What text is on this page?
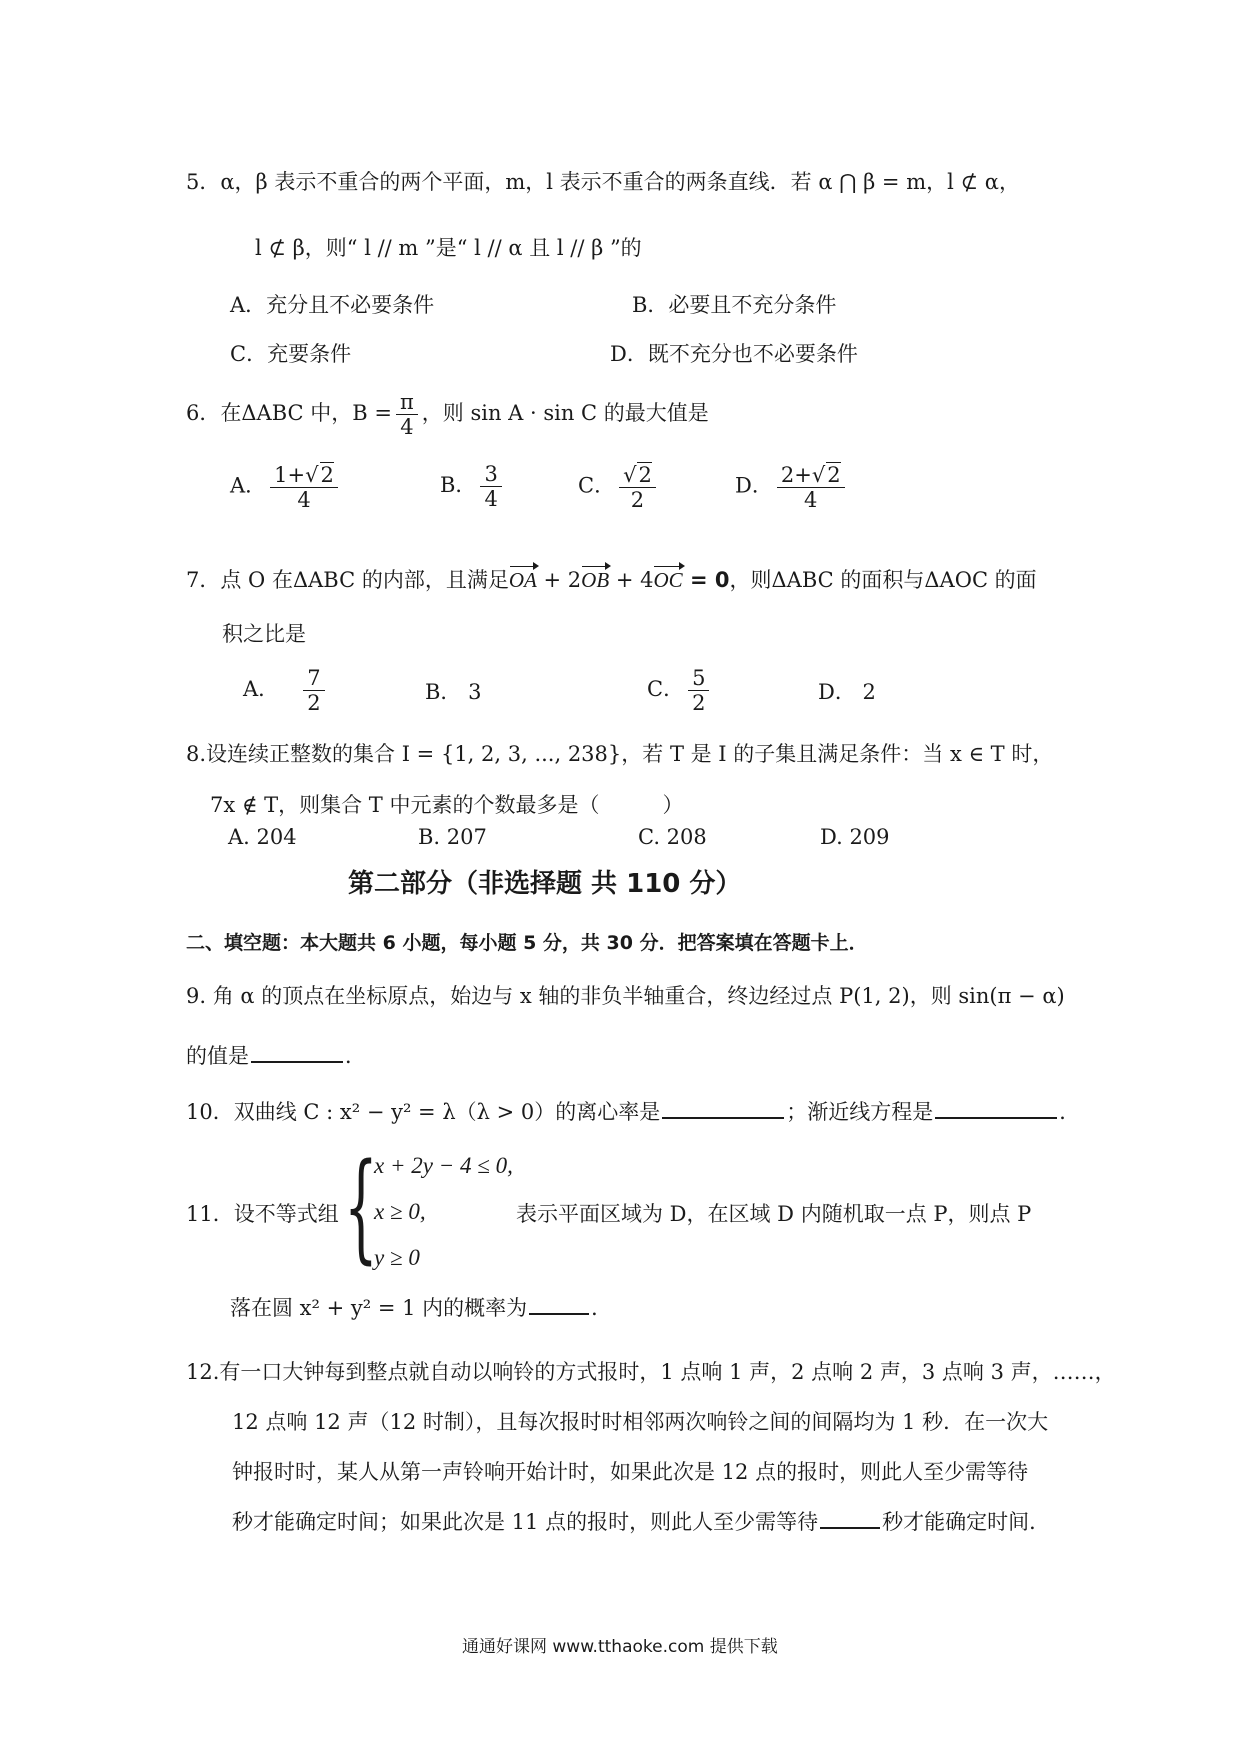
5．α，β 表示不重合的两个平面，m，l 表示不重合的两条直线．若 α ⋂ β = m，l ⊄ α，
l ⊄ β，则“ l // m ”是“ l // α 且 l // β ”的
A．充分且不必要条件	B．必要且不充分条件
C．充要条件	D．既不充分也不必要条件
6．在ΔABC 中，$B = \frac{\pi}{4}$ ，则 sin A · sin C 的最大值是
A． $\frac{1+√2}{4}$	B． $\frac{3}{4}$	C． $\frac{√2}{2}$	D． $\frac{2+√2}{4}$
7．点 O 在ΔABC 的内部，且满足OA + 2OB + 4OC = 0，则ΔABC 的面积与ΔAOC 的面
积之比是
A． $\frac{7}{2}$	B． 3	C． $\frac{5}{2}$	D． 2
8.设连续正整数的集合 I = {1, 2, 3, ..., 238}，若 T 是 I 的子集且满足条件：当 x ∈ T 时，
7x ∉ T，则集合 T 中元素的个数最多是（　　　）
A. 204	B. 207	C. 208	D. 209
第二部分（非选择题 共 110 分）
二、填空题：本大题共 6 小题，每小题 5 分，共 30 分．把答案填在答题卡上．
9. 角 α 的顶点在坐标原点，始边与 x 轴的非负半轴重合，终边经过点 P(1, 2)，则 sin(π − α)
的值是	．
10．双曲线 C : x² − y² = λ（λ > 0）的离心率是	；渐近线方程是	．
11．设不等式组 {
x + 2y − 4 ≤ 0,
x ≥ 0,
y ≥ 0
表示平面区域为 D，在区域 D 内随机取一点 P，则点 P
落在圆 x² + y² = 1 内的概率为	．
12.有一口大钟每到整点就自动以响铃的方式报时，1 点响 1 声，2 点响 2 声，3 点响 3 声，……，
12 点响 12 声（12 时制），且每次报时时相邻两次响铃之间的间隔均为 1 秒．在一次大
钟报时时，某人从第一声铃响开始计时，如果此次是 12 点的报时，则此人至少需等待
秒才能确定时间；如果此次是 11 点的报时，则此人至少需等待	秒才能确定时间．
通通好课网 www.tthaoke.com 提供下载
